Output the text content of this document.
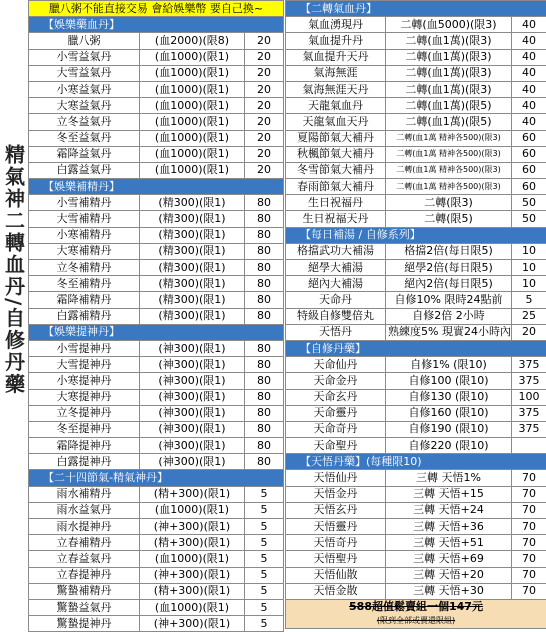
精氣神二轉血丹/自修丹藥
臘八粥不能直接交易 會給娛樂幣 要自己換~		
【娛樂藥血丹】		
臘八粥	(血2000)(限8)	20
小雪益氣丹	(血1000)(限1)	20
大雪益氣丹	(血1000)(限1)	20
小寒益氣丹	(血1000)(限1)	20
大寒益氣丹	(血1000)(限1)	20
立冬益氣丹	(血1000)(限1)	20
冬至益氣丹	(血1000)(限1)	20
霜降益氣丹	(血1000)(限1)	20
白露益氣丹	(血1000)(限1)	20
【娛樂補精丹】		
小雪補精丹	(精300)(限1)	80
大雪補精丹	(精300)(限1)	80
小寒補精丹	(精300)(限1)	80
大寒補精丹	(精300)(限1)	80
立冬補精丹	(精300)(限1)	80
冬至補精丹	(精300)(限1)	80
霜降補精丹	(精300)(限1)	80
白露補精丹	(精300)(限1)	80
【娛樂提神丹】		
小雪提神丹	(神300)(限1)	80
大雪提神丹	(神300)(限1)	80
小寒提神丹	(神300)(限1)	80
大寒提神丹	(神300)(限1)	80
立冬提神丹	(神300)(限1)	80
冬至提神丹	(神300)(限1)	80
霜降提神丹	(神300)(限1)	80
白露提神丹	(神300)(限1)	80
【二十四節氣-精氣神丹】		
雨水補精丹	(精+300)(限1)	5
雨水益氣丹	(血1000)(限1)	5
雨水提神丹	(神+300)(限1)	5
立春補精丹	(精+300)(限1)	5
立春益氣丹	(血1000)(限1)	5
立春提神丹	(神+300)(限1)	5
驚蟄補精丹	(精+300)(限1)	5
驚蟄益氣丹	(血1000)(限1)	5
驚蟄提神丹	(神+300)(限1)	5
【二轉氣血丹】		
氣血湧現丹	二轉(血5000)(限3)	40
氣血提升丹	二轉(血1萬)(限3)	40
氣血提升天丹	二轉(血1萬)(限3)	40
氣海無涯	二轉(血1萬)(限3)	40
氣海無涯天丹	二轉(血1萬)(限3)	40
天龍氣血丹	二轉(血1萬)(限5)	40
天龍氣血天丹	二轉(血1萬)(限5)	40
夏陽節氣大補丹	二轉(血1萬 精神各500)(限3)	60
秋楓節氣大補丹	二轉(血1萬 精神各500)(限3)	60
冬雪節氣大補丹	二轉(血1萬 精神各500)(限3)	60
春雨節氣大補丹	二轉(血1萬 精神各500)(限3)	60
生日祝福丹	二轉(限3)	50
生日祝福天丹	二轉(限5)	50
【每日補湯 / 自修系列】		
格擋武功大補湯	格擋2倍(每日限5)	10
絕學大補湯	絕學2倍(每日限5)	10
絕內大補湯	絕內2倍(每日限5)	10
天命丹	自修10% 限時24點前	5
特級自修雙倍丸	自修2倍 2小時	25
天悟丹	熟練度5% 現實24小時內	20
【自修丹藥】		
天命仙丹	自修1% (限10)	375
天命金丹	自修100 (限10)	375
天命玄丹	自修130 (限10)	100
天命靈丹	自修160 (限10)	375
天命奇丹	自修190 (限10)	375
天命聖丹	自修220 (限10)	
【天悟丹藥】(每種限10)		
天悟仙丹	三轉 天悟1%	70
天悟金丹	三轉 天悟+15	70
天悟玄丹	三轉 天悟+24	70
天悟靈丹	三轉 天悟+36	70
天悟奇丹	三轉 天悟+51	70
天悟聖丹	三轉 天悟+69	70
天悟仙散	三轉 天悟+20	70
天悟金散	三轉 天悟+30	70

588超值鬆賣組一個147元
(限到全部或賣還限組)		
